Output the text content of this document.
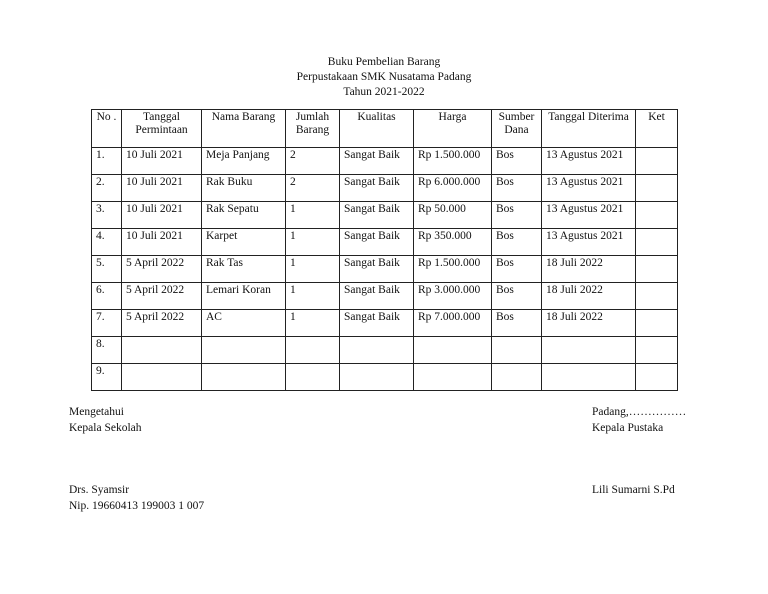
Buku Pembelian Barang
Perpustakaan SMK Nusatama Padang
Tahun 2021-2022
No .	Tanggal Permintaan	Nama Barang	Jumlah Barang	Kualitas	Harga	Sumber Dana	Tanggal Diterima	Ket
1.	10 Juli 2021	Meja Panjang	2	Sangat Baik	Rp 1.500.000	Bos	13 Agustus 2021	
2.	10 Juli 2021	Rak Buku	2	Sangat Baik	Rp 6.000.000	Bos	13 Agustus 2021	
3.	10 Juli 2021	Rak Sepatu	1	Sangat Baik	Rp 50.000	Bos	13 Agustus 2021	
4.	10 Juli 2021	Karpet	1	Sangat Baik	Rp 350.000	Bos	13 Agustus 2021	
5.	5 April 2022	Rak Tas	1	Sangat Baik	Rp 1.500.000	Bos	18 Juli 2022	
6.	5 April 2022	Lemari Koran	1	Sangat Baik	Rp 3.000.000	Bos	18 Juli 2022	
7.	5 April 2022	AC	1	Sangat Baik	Rp 7.000.000	Bos	18 Juli 2022	
8.								
9.								
Mengetahui
Kepala Sekolah
Drs. Syamsir
Nip. 19660413 199003 1 007
Padang,……………
Kepala Pustaka
Lili Sumarni S.Pd
